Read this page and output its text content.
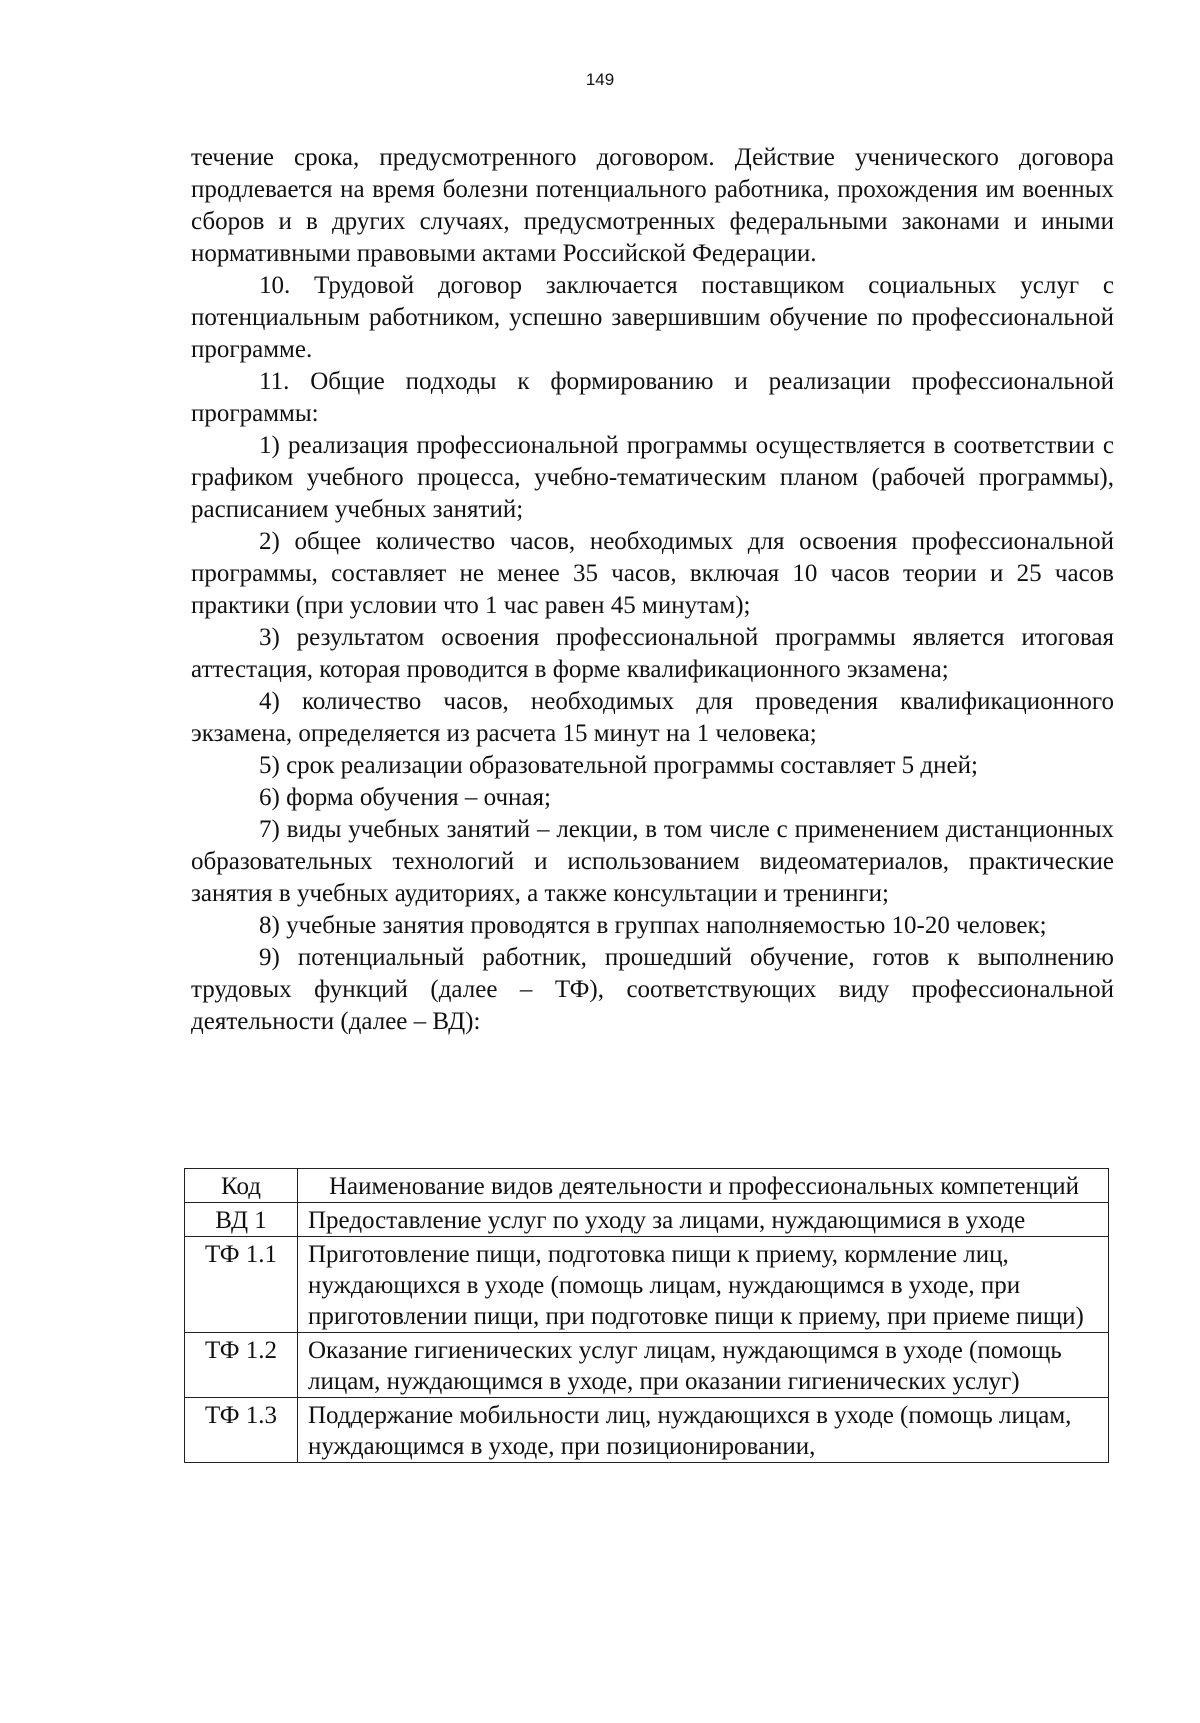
149

течение срока, предусмотренного договором. Действие ученического договора продлевается на время болезни потенциального работника, прохождения им военных сборов и в других случаях, предусмотренных федеральными законами и иными нормативными правовыми актами Российской Федерации.

10. Трудовой договор заключается поставщиком социальных услуг с потенциальным работником, успешно завершившим обучение по профессиональной программе.

11. Общие подходы к формированию и реализации профессиональной программы:

1) реализация профессиональной программы осуществляется в соответствии с графиком учебного процесса, учебно-тематическим планом (рабочей программы), расписанием учебных занятий;

2) общее количество часов, необходимых для освоения профессиональной программы, составляет не менее 35 часов, включая 10 часов теории и 25 часов практики (при условии что 1 час равен 45 минутам);

3) результатом освоения профессиональной программы является итоговая аттестация, которая проводится в форме квалификационного экзамена;

4) количество часов, необходимых для проведения квалификационного экзамена, определяется из расчета 15 минут на 1 человека;

5) срок реализации образовательной программы составляет 5 дней;

6) форма обучения – очная;

7) виды учебных занятий – лекции, в том числе с применением дистанционных образовательных технологий и использованием видеоматериалов, практические занятия в учебных аудиториях, а также консультации и тренинги;

8) учебные занятия проводятся в группах наполняемостью 10-20 человек;

9) потенциальный работник, прошедший обучение, готов к выполнению трудовых функций (далее – ТФ), соответствующих виду профессиональной деятельности (далее – ВД):

Код	Наименование видов деятельности и профессиональных компетенций
ВД 1	Предоставление услуг по уходу за лицами, нуждающимися в уходе
ТФ 1.1	Приготовление пищи, подготовка пищи к приему, кормление лиц, нуждающихся в уходе (помощь лицам, нуждающимся в уходе, при приготовлении пищи, при подготовке пищи к приему, при приеме пищи)
ТФ 1.2	Оказание гигиенических услуг лицам, нуждающимся в уходе (помощь лицам, нуждающимся в уходе, при оказании гигиенических услуг)
ТФ 1.3	Поддержание мобильности лиц, нуждающихся в уходе (помощь лицам, нуждающимся в уходе, при позиционировании,
